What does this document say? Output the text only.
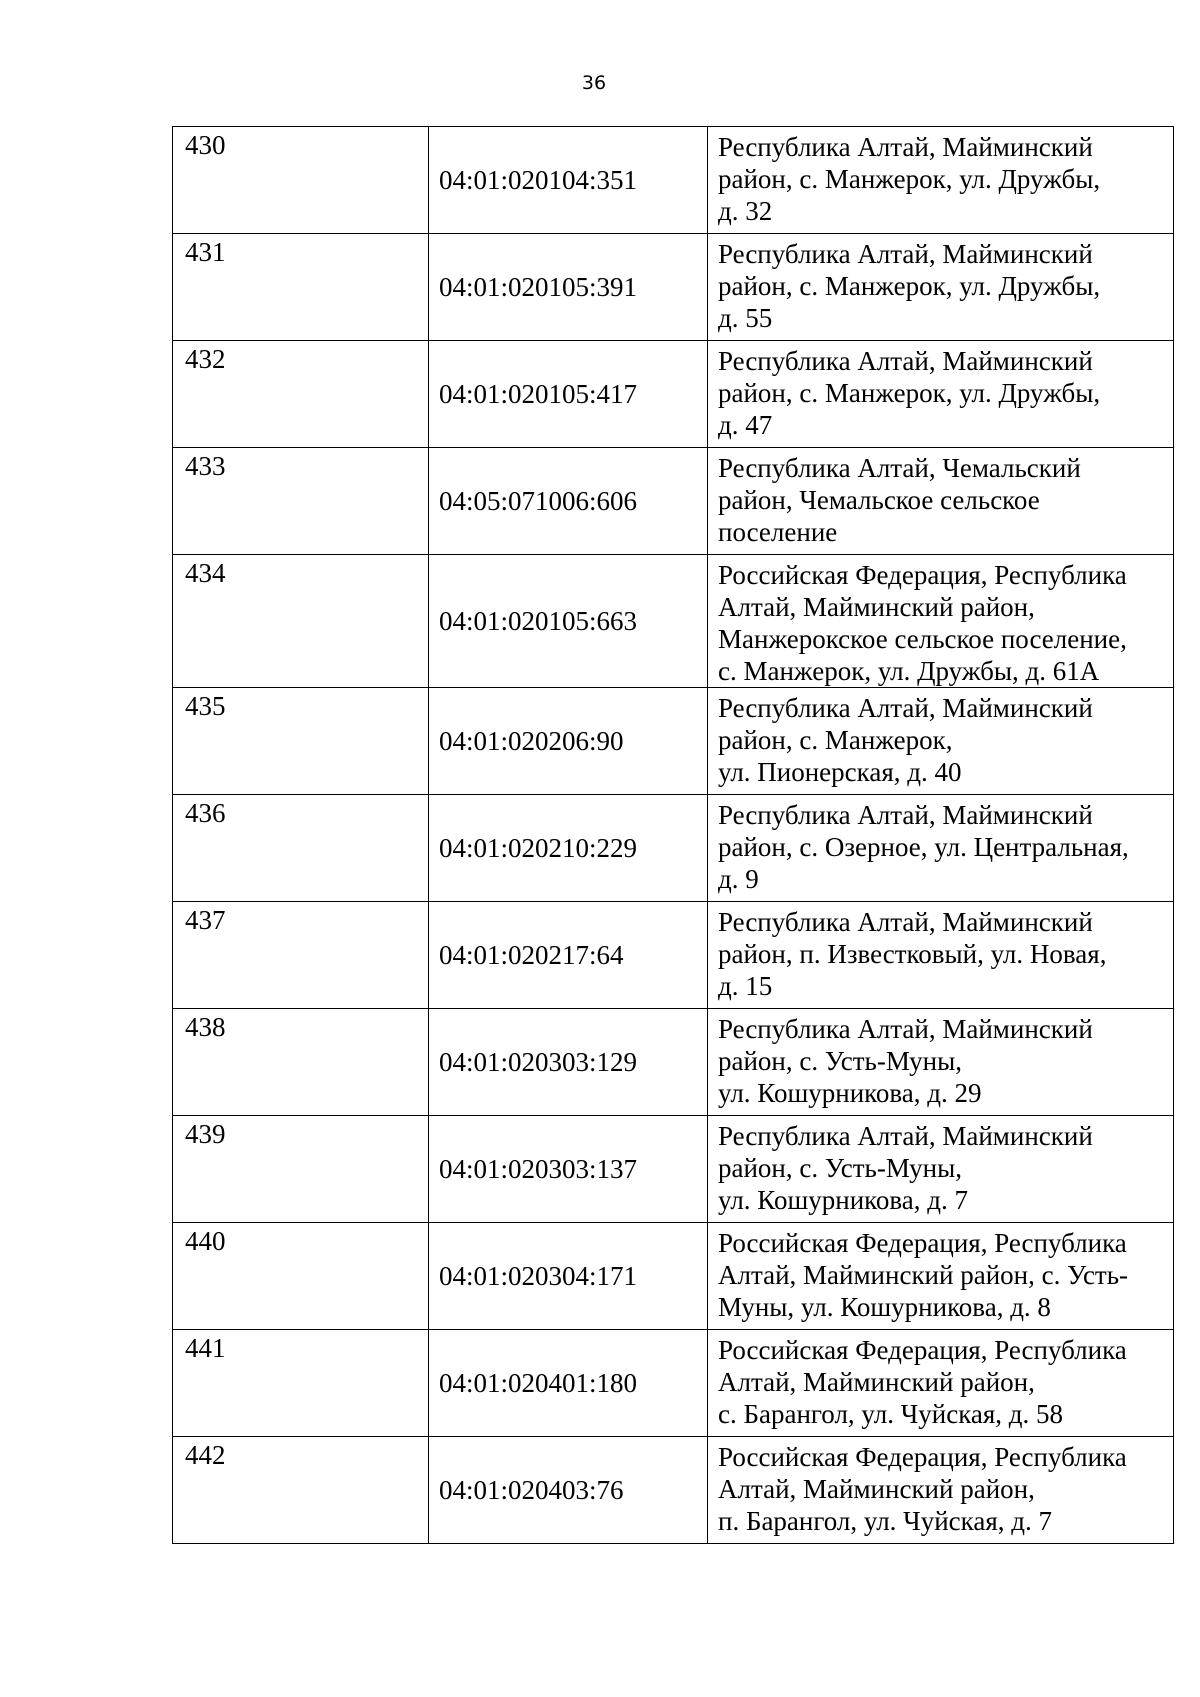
36
430	04:01:020104:351	Республика Алтай, Майминский
район, с. Манжерок, ул. Дружбы,
д. 32

431	04:01:020105:391	Республика Алтай, Майминский
район, с. Манжерок, ул. Дружбы,
д. 55

432	04:01:020105:417	Республика Алтай, Майминский
район, с. Манжерок, ул. Дружбы,
д. 47

433	04:05:071006:606	Республика Алтай, Чемальский
район, Чемальское сельское
поселение

434	04:01:020105:663	Российская Федерация, Республика
Алтай, Майминский район,
Манжерокское сельское поселение,
с. Манжерок, ул. Дружбы, д. 61А

435	04:01:020206:90	Республика Алтай, Майминский
район, с. Манжерок,
ул. Пионерская, д. 40

436	04:01:020210:229	Республика Алтай, Майминский
район, с. Озерное, ул. Центральная,
д. 9

437	04:01:020217:64	Республика Алтай, Майминский
район, п. Известковый, ул. Новая,
д. 15

438	04:01:020303:129	Республика Алтай, Майминский
район, с. Усть-Муны,
ул. Кошурникова, д. 29

439	04:01:020303:137	Республика Алтай, Майминский
район, с. Усть-Муны,
ул. Кошурникова, д. 7

440	04:01:020304:171	Российская Федерация, Республика
Алтай, Майминский район, с. Усть-
Муны, ул. Кошурникова, д. 8

441	04:01:020401:180	Российская Федерация, Республика
Алтай, Майминский район,
с. Барангол, ул. Чуйская, д. 58

442	04:01:020403:76	Российская Федерация, Республика
Алтай, Майминский район,
п. Барангол, ул. Чуйская, д. 7
